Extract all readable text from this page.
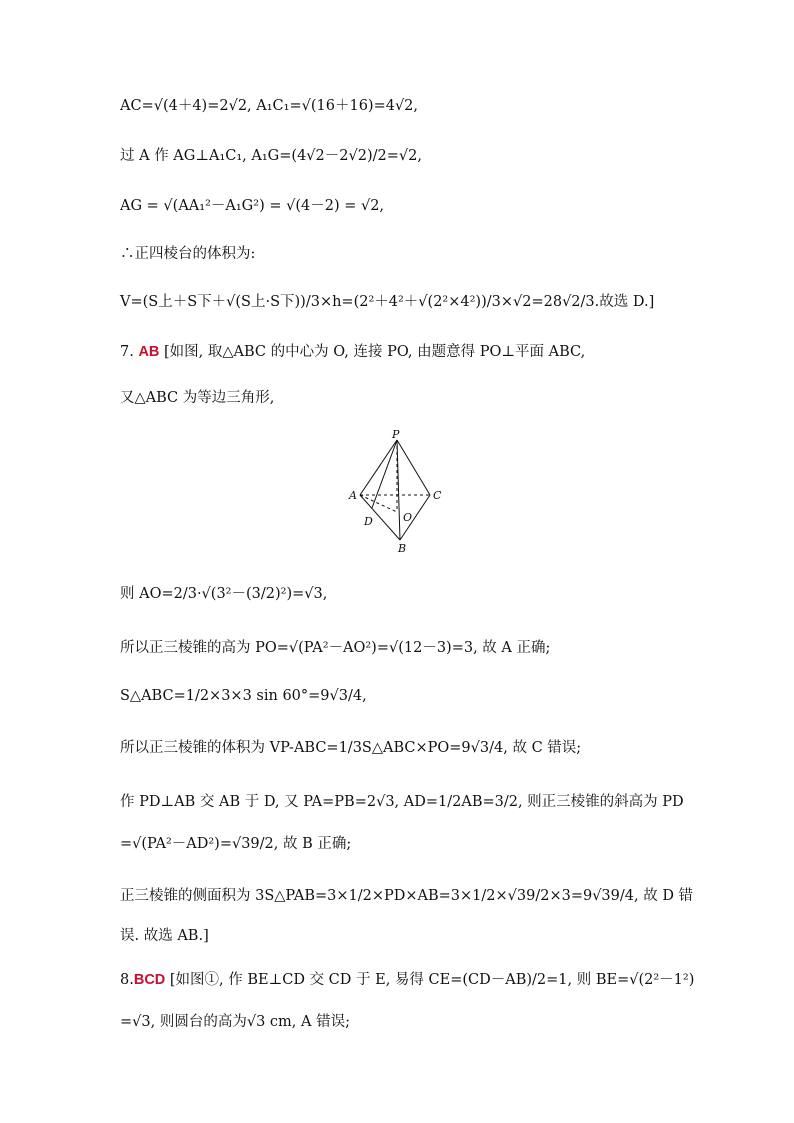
AC=√(4＋4)=2√2, A₁C₁=√(16＋16)=4√2,
过 A 作 AG⊥A₁C₁, A₁G=(4√2－2√2)/2=√2,
AG = √(AA₁²－A₁G²) = √(4－2) = √2,
∴正四棱台的体积为:
V=(S上＋S下＋√(S上·S下))/3×h=(2²＋4²＋√(2²×4²))/3×√2=28√2/3.故选 D.]
7. AB [如图, 取△ABC 的中心为 O, 连接 PO, 由题意得 PO⊥平面 ABC,
又△ABC 为等边三角形,
则 AO=2/3·√(3²－(3/2)²)=√3,
所以正三棱锥的高为 PO=√(PA²－AO²)=√(12－3)=3, 故 A 正确;
S△ABC=1/2×3×3 sin 60°=9√3/4,
所以正三棱锥的体积为 VP-ABC=1/3S△ABC×PO=9√3/4, 故 C 错误;
作 PD⊥AB 交 AB 于 D, 又 PA=PB=2√3, AD=1/2AB=3/2, 则正三棱锥的斜高为 PD
=√(PA²－AD²)=√39/2, 故 B 正确;
正三棱锥的侧面积为 3S△PAB=3×1/2×PD×AB=3×1/2×√39/2×3=9√39/4, 故 D 错
误. 故选 AB.]
8.BCD [如图①, 作 BE⊥CD 交 CD 于 E, 易得 CE=(CD－AB)/2=1, 则 BE=√(2²－1²)
=√3, 则圆台的高为√3 cm, A 错误;
P
A	C
D	O
B
